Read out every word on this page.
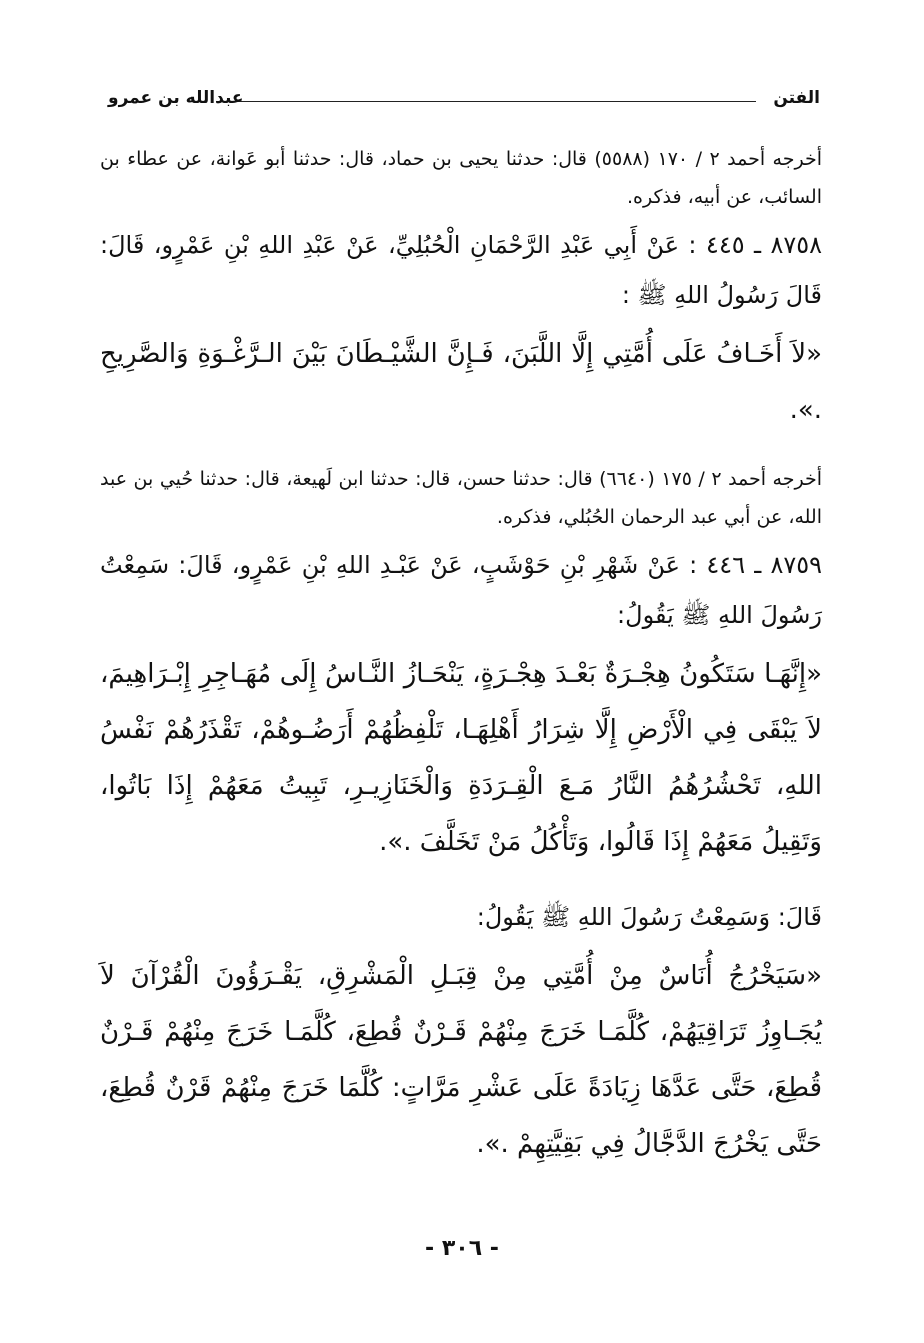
الفتن
عبدالله بن عمرو

أخرجه أحمد ٢ / ١٧٠ (٥٥٨٨) قال: حدثنا يحيى بن حماد، قال: حدثنا أبو عَوانة، عن عطاء بن السائب، عن أبيه، فذكره.

٨٧٥٨ ـ ٤٤٥ : عَنْ أَبِي عَبْدِ الرَّحْمَانِ الْحُبُلِيِّ، عَنْ عَبْدِ اللهِ بْنِ عَمْرٍو، قَالَ: قَالَ رَسُولُ اللهِ ﷺ :

«لاَ أَخَـافُ عَلَى أُمَّتِي إِلَّا اللَّبَنَ، فَـإِنَّ الشَّيْـطَانَ بَيْنَ الـرَّغْـوَةِ وَالصَّرِيحِ .».

أخرجه أحمد ٢ / ١٧٥ (٦٦٤٠) قال: حدثنا حسن، قال: حدثنا ابن لَهيعة، قال: حدثنا حُيي بن عبد الله، عن أبي عبد الرحمان الحُبُلي، فذكره.

٨٧٥٩ ـ ٤٤٦ : عَنْ شَهْرِ بْنِ حَوْشَبٍ، عَنْ عَبْـدِ اللهِ بْنِ عَمْرٍو، قَالَ: سَمِعْتُ رَسُولَ اللهِ ﷺ يَقُولُ:

«إِنَّهَـا سَتَكُونُ هِجْـرَةٌ بَعْـدَ هِجْـرَةٍ، يَنْحَـازُ النَّـاسُ إِلَى مُهَـاجِرِ إِبْـرَاهِيمَ، لاَ يَبْقَى فِي الْأَرْضِ إِلَّا شِرَارُ أَهْلِهَـا، تَلْفِظُهُمْ أَرَضُـوهُمْ، تَقْذَرُهُمْ نَفْسُ اللهِ، تَحْشُرُهُمُ النَّارُ مَـعَ الْقِـرَدَةِ وَالْخَنَازِيـرِ، تَبِيتُ مَعَهُمْ إِذَا بَاتُوا، وَتَقِيلُ مَعَهُمْ إِذَا قَالُوا، وَتَأْكُلُ مَنْ تَخَلَّفَ .».

قَالَ: وَسَمِعْتُ رَسُولَ اللهِ ﷺ يَقُولُ:

«سَيَخْرُجُ أُنَاسٌ مِنْ أُمَّتِي مِنْ قِبَـلِ الْمَشْرِقِ، يَقْـرَؤُونَ الْقُرْآنَ لاَ يُجَـاوِزُ تَرَاقِيَهُمْ، كُلَّمَـا خَرَجَ مِنْهُمْ قَـرْنٌ قُطِعَ، كُلَّمَـا خَرَجَ مِنْهُمْ قَـرْنٌ قُطِعَ، حَتَّى عَدَّهَا زِيَادَةً عَلَى عَشْرِ مَرَّاتٍ: كُلَّمَا خَرَجَ مِنْهُمْ قَرْنٌ قُطِعَ، حَتَّى يَخْرُجَ الدَّجَّالُ فِي بَقِيَّتِهِمْ .».

- ٣٠٦ -
